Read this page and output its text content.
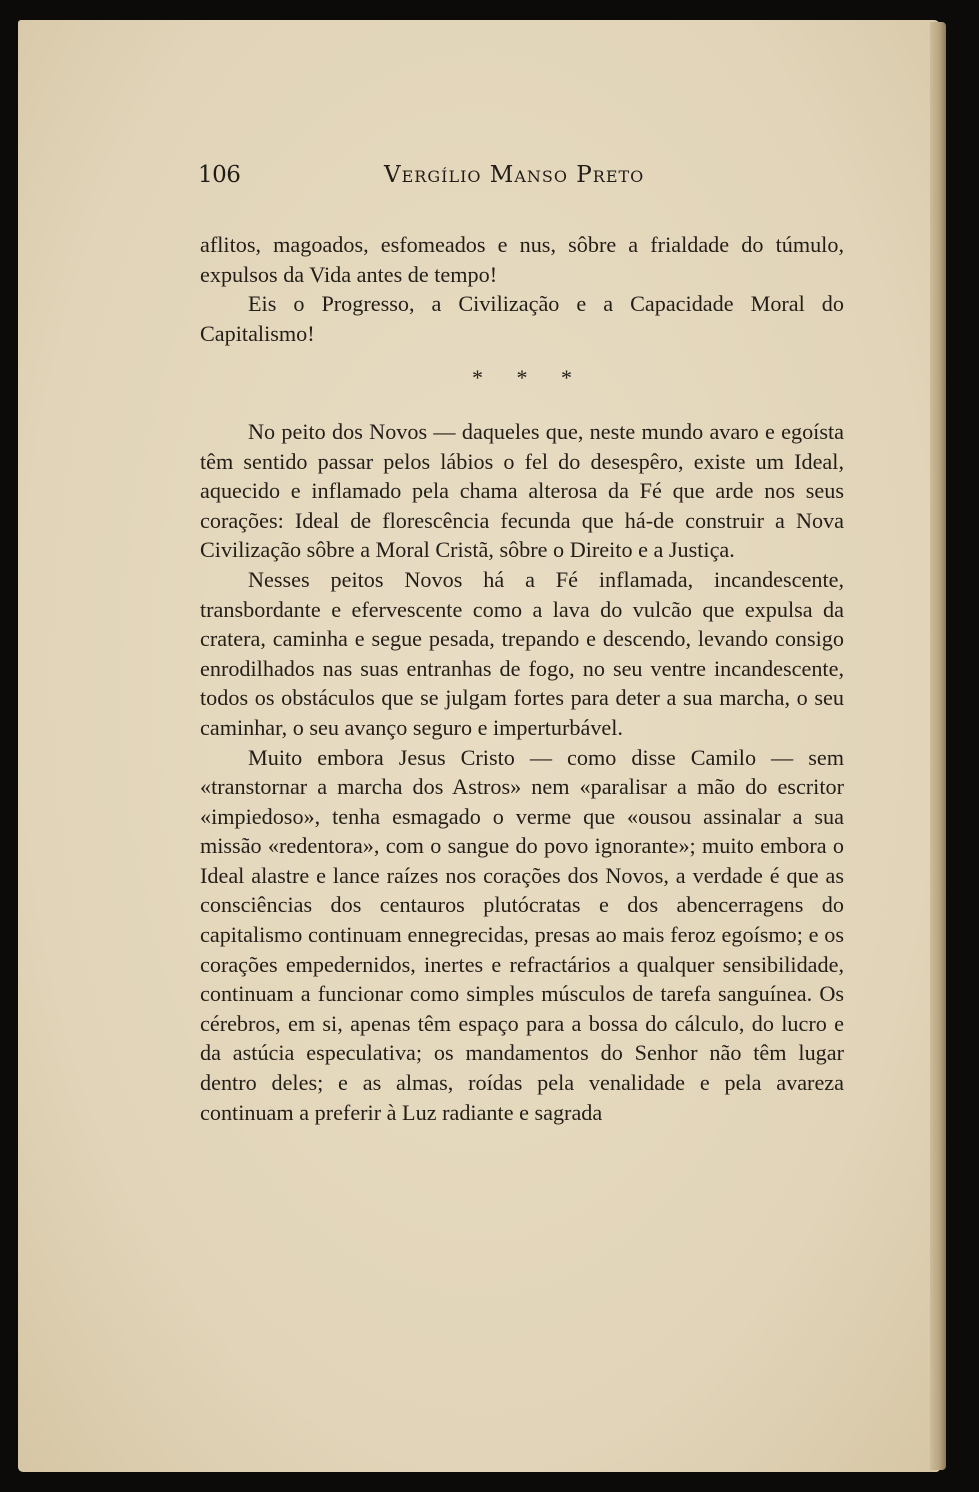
106	Vergílio Manso Preto

aflitos, magoados, esfomeados e nus, sôbre a frialdade do túmulo, expulsos da Vida antes de tempo!

Eis o Progresso, a Civilização e a Capacidade Moral do Capitalismo!

* * *

No peito dos Novos — daqueles que, neste mundo avaro e egoísta têm sentido passar pelos lábios o fel do desespêro, existe um Ideal, aquecido e inflamado pela chama alterosa da Fé que arde nos seus corações: Ideal de florescência fecunda que há-de construir a Nova Civilização sôbre a Moral Cristã, sôbre o Direito e a Justiça.

Nesses peitos Novos há a Fé inflamada, incandescente, transbordante e efervescente como a lava do vulcão que expulsa da cratera, caminha e segue pesada, trepando e descendo, levando consigo enrodilhados nas suas entranhas de fogo, no seu ventre incandescente, todos os obstáculos que se julgam fortes para deter a sua marcha, o seu caminhar, o seu avanço seguro e imperturbável.

Muito embora Jesus Cristo — como disse Camilo — sem «transtornar a marcha dos Astros» nem «paralisar a mão do escritor «impiedoso», tenha esmagado o verme que «ousou assinalar a sua missão «redentora», com o sangue do povo ignorante»; muito embora o Ideal alastre e lance raízes nos corações dos Novos, a verdade é que as consciências dos centauros plutócratas e dos abencerragens do capitalismo continuam ennegrecidas, presas ao mais feroz egoísmo; e os corações empedernidos, inertes e refractários a qualquer sensibilidade, continuam a funcionar como simples músculos de tarefa sanguínea. Os cérebros, em si, apenas têm espaço para a bossa do cálculo, do lucro e da astúcia especulativa; os mandamentos do Senhor não têm lugar dentro deles; e as almas, roídas pela venalidade e pela avareza continuam a preferir à Luz radiante e sagrada
